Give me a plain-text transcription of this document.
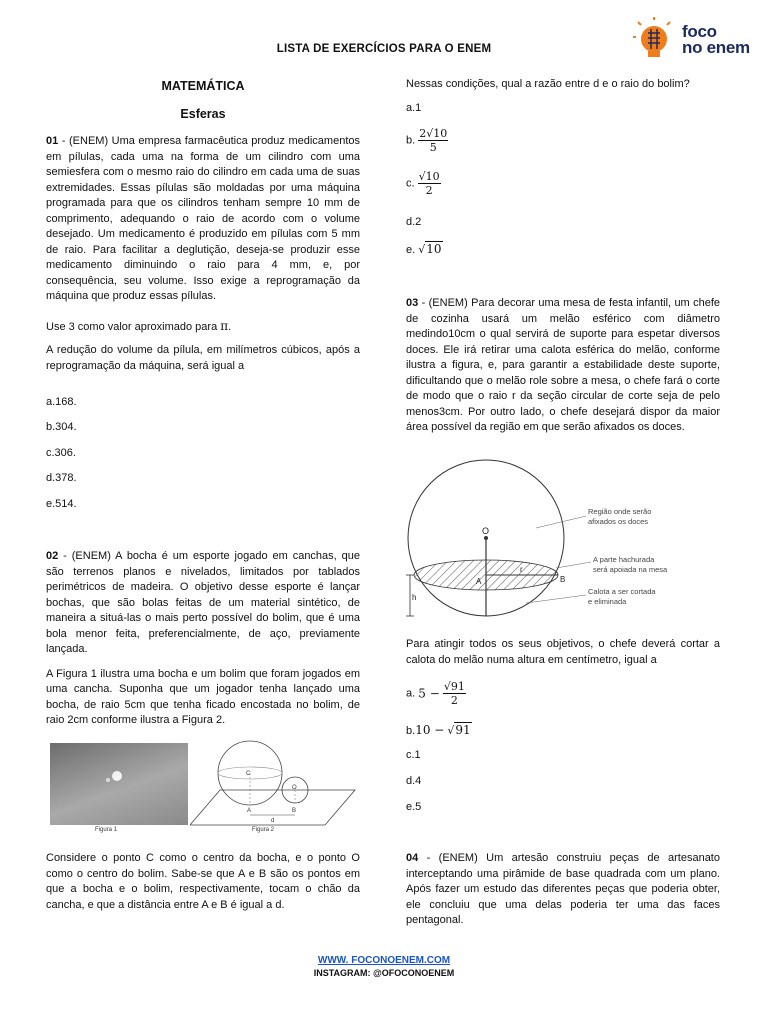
LISTA DE EXERCÍCIOS PARA O ENEM
foco
no enem
MATEMÁTICA
Esferas

01 - (ENEM) Uma empresa farmacêutica produz medicamentos em pílulas, cada uma na forma de um cilindro com uma semiesfera com o mesmo raio do cilindro em cada uma de suas extremidades. Essas pílulas são moldadas por uma máquina programada para que os cilindros tenham sempre 10 mm de comprimento, adequando o raio de acordo com o volume desejado. Um medicamento é produzido em pílulas com 5 mm de raio. Para facilitar a deglutição, deseja-se produzir esse medicamento diminuindo o raio para 4 mm, e, por consequência, seu volume. Isso exige a reprogramação da máquina que produz essas pílulas.

Use 3 como valor aproximado para π.

A redução do volume da pílula, em milímetros cúbicos, após a reprogramação da máquina, será igual a

a.168.
b.304.
c.306.
d.378.
e.514.

02 - (ENEM) A bocha é um esporte jogado em canchas, que são terrenos planos e nivelados, limitados por tablados perimétricos de madeira. O objetivo desse esporte é lançar bochas, que são bolas feitas de um material sintético, de maneira a situá-las o mais perto possível do bolim, que é uma bola menor feita, preferencialmente, de aço, previamente lançada.

A Figura 1 ilustra uma bocha e um bolim que foram jogados em uma cancha. Suponha que um jogador tenha lançado uma bocha, de raio 5cm que tenha ficado encostada no bolim, de raio 2cm conforme ilustra a Figura 2.

Figura 1
C
O
A	B
d
Figura 2

Considere o ponto C como o centro da bocha, e o ponto O como o centro do bolim. Sabe-se que A e B são os pontos em que a bocha e o bolim, respectivamente, tocam o chão da cancha, e que a distância entre A e B é igual a d.

Nessas condições, qual a razão entre d e o raio do bolim?

a.1
b. $\frac{2√10}{5}$
c. $\frac{√10}{2}$
d.2
e. √10

03 - (ENEM) Para decorar uma mesa de festa infantil, um chefe de cozinha usará um melão esférico com diâmetro medindo10cm o qual servirá de suporte para espetar diversos doces. Ele irá retirar uma calota esférica do melão, conforme ilustra a figura, e, para garantir a estabilidade deste suporte, dificultando que o melão role sobre a mesa, o chefe fará o corte de modo que o raio r da seção circular de corte seja de pelo menos3cm. Por outro lado, o chefe desejará dispor da maior área possível da região em que serão afixados os doces.

O
A	B
r
h
Região onde serão
afixados os doces
A parte hachurada
será apoiada na mesa
Calota a ser cortada
e eliminada

Para atingir todos os seus objetivos, o chefe deverá cortar a calota do melão numa altura em centímetro, igual a

a. $5 - \frac{√91}{2}$
b.10 − √91
c.1
d.4
e.5

04 - (ENEM) Um artesão construiu peças de artesanato interceptando uma pirâmide de base quadrada com um plano. Após fazer um estudo das diferentes peças que poderia obter, ele concluiu que uma delas poderia ter uma das faces pentagonal.

WWW. FOCONOENEM.COM
INSTAGRAM: @OFOCONOENEM
